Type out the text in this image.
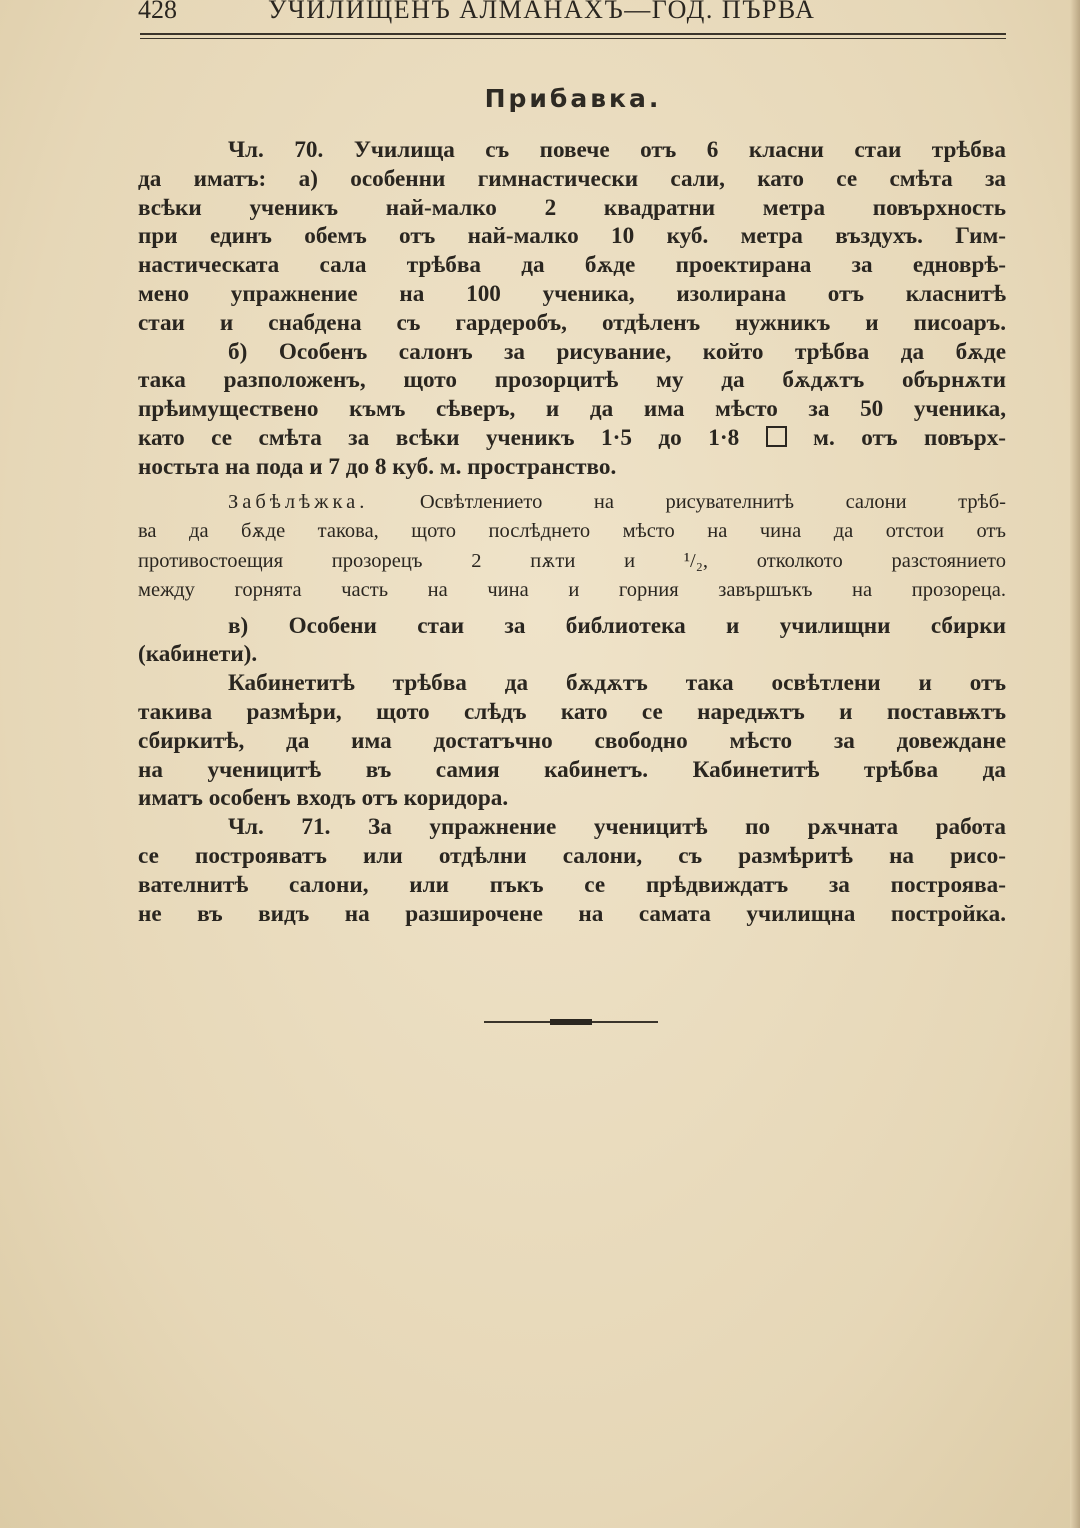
428	УЧИЛИЩЕНЪ АЛМАНАХЪ—ГОД. ПЪРВА
Прибавка.
Чл. 70. Училища съ повече отъ 6 класни стаи трѣбва
да иматъ: а) особенни гимнастически сали, като се смѣта за
всѣки ученикъ най-малко 2 квадратни метра повърхность
при единъ обемъ отъ най-малко 10 куб. метра въздухъ. Гим-
настическата сала трѣбва да бѫде проектирана за едноврѣ-
мено упражнение на 100 ученика, изолирана отъ класнитѣ
стаи и снабдена съ гардеробъ, отдѣленъ нужникъ и писоаръ.
б) Особенъ салонъ за рисувание, който трѣбва да бѫде
така разположенъ, щото прозорцитѣ му да бѫдѫтъ обърнѫти
прѣимуществено къмъ сѣверъ, и да има мѣсто за 50 ученика,
като се смѣта за всѣки ученикъ 1·5 до 1·8	м. отъ повърх-
ностьта на пода и 7 до 8 куб. м. пространство.
Забѣлѣжка.	Освѣтлението на рисувателнитѣ салони трѣб-
ва да бѫде такова, щото послѣднето мѣсто на чина да отстои отъ
противостоещия прозорецъ 2 пѫти и ¹/₂, отколкото разстоянието
между горнята часть на чина и горния завършъкъ на прозореца.
в) Особени стаи за библиотека и училищни сбирки
(кабинети).
Кабинетитѣ трѣбва да бѫдѫтъ така освѣтлени и отъ
такива размѣри, щото слѣдъ като се наредѭтъ и поставѭтъ
сбиркитѣ, да има достатъчно свободно мѣсто за довеждане
на ученицитѣ въ самия кабинетъ. Кабинетитѣ трѣбва да
иматъ особенъ входъ отъ коридора.
Чл. 71. За упражнение ученицитѣ по рѫчната работа
се построяватъ или отдѣлни салони, съ размѣритѣ на рисо-
вателнитѣ салони, или пъкъ се прѣдвиждатъ за построява-
не въ видъ на разширочене на самата училищна постройка.
